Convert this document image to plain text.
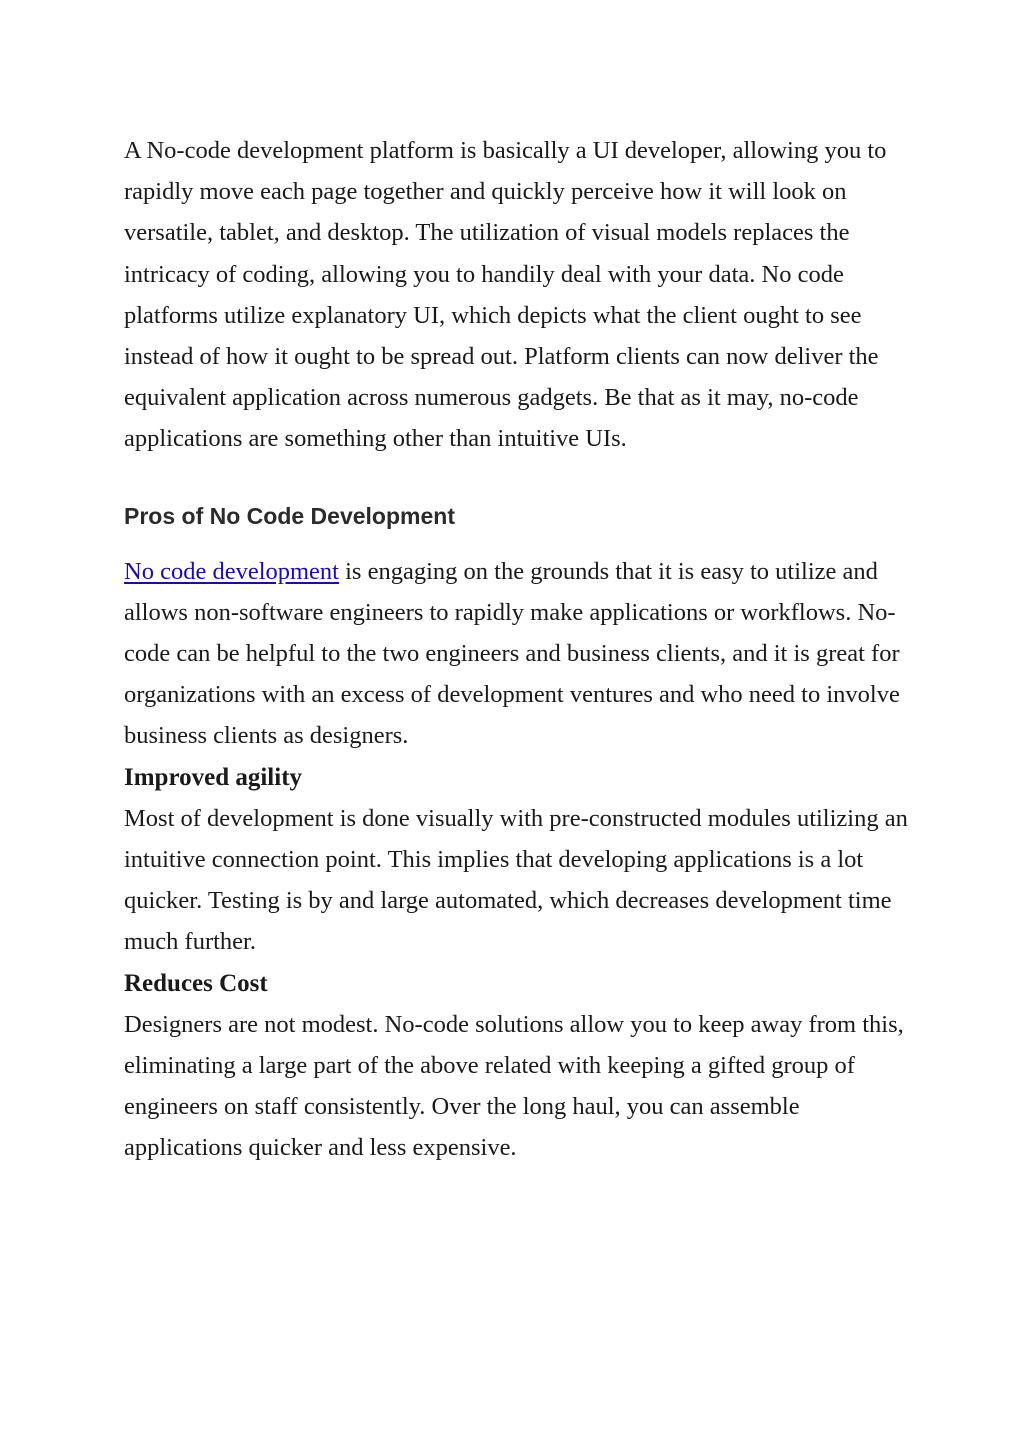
A No-code development platform is basically a UI developer, allowing you to rapidly move each page together and quickly perceive how it will look on versatile, tablet, and desktop. The utilization of visual models replaces the intricacy of coding, allowing you to handily deal with your data. No code platforms utilize explanatory UI, which depicts what the client ought to see instead of how it ought to be spread out. Platform clients can now deliver the equivalent application across numerous gadgets. Be that as it may, no-code applications are something other than intuitive UIs.

Pros of No Code Development

No code development is engaging on the grounds that it is easy to utilize and allows non-software engineers to rapidly make applications or workflows. No-code can be helpful to the two engineers and business clients, and it is great for organizations with an excess of development ventures and who need to involve business clients as designers.

Improved agility

Most of development is done visually with pre-constructed modules utilizing an intuitive connection point. This implies that developing applications is a lot quicker. Testing is by and large automated, which decreases development time much further.

Reduces Cost

Designers are not modest. No-code solutions allow you to keep away from this, eliminating a large part of the above related with keeping a gifted group of engineers on staff consistently. Over the long haul, you can assemble applications quicker and less expensive.
